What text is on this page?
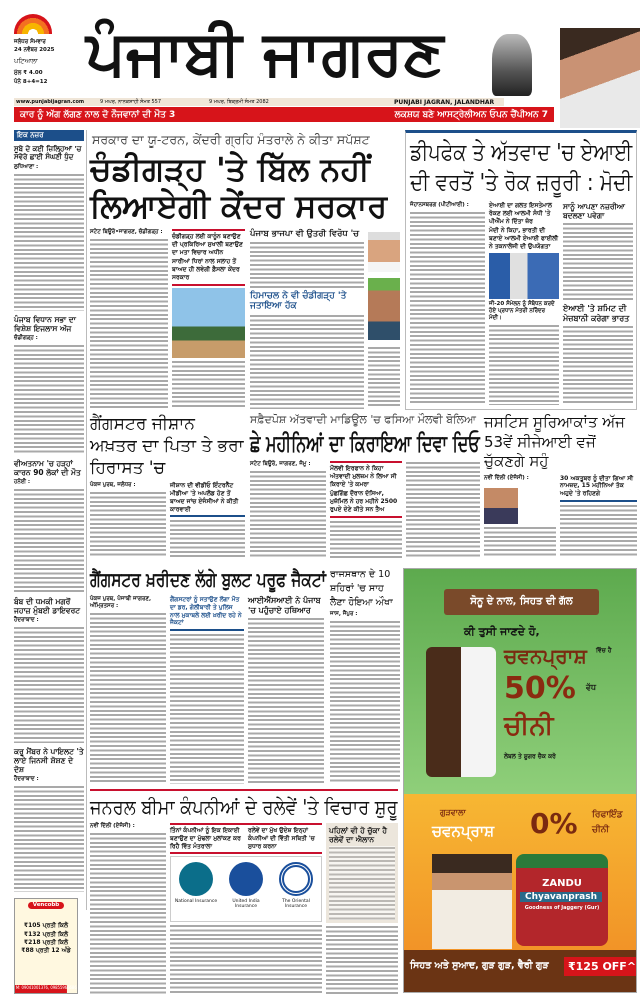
ਜਲੰਧਰ ਸੋਮਵਾਰ
24 ਨਵੰਬਰ 2025
ਪਟਿਆਲਾ
ਮੁੱਲ ₹ 4.00
ਪੰਨੇ 8+4=12 ਪੰਜਾਬੀ ਜਾਗਰਣ
www.punjabijagran.com	9 ਮਘਰ, ਨਾਨਕਸ਼ਾਹੀ ਸੰਮਤ 557	9 ਮਘਰ, ਬਿਕ੍ਰਮੀ ਸੰਮਤ 2082	PUNJABI JAGRAN, JALANDHAR
ਕਾਰ ਨੂੰ ਅੱਗ ਲੱਗਣ ਨਾਲ ਦੋ ਨੌਜਵਾਨਾਂ ਦੀ ਮੌਤ 3	ਲਕਸ਼ਯ ਬਣੇ ਆਸਟ੍ਰੇਲੀਅਨ ਓਪਨ ਚੈਂਪੀਅਨ 7
ਇਕ ਨਜ਼ਰ
ਸੂਬੇ ਦੇ ਕਈ ਜ਼ਿਲ੍ਹਿਆਂ 'ਚ ਸਵੇਰੇ ਛਾਈ ਸੰਘਣੀ ਧੁੰਦ
ਲੁਧਿਆਣਾ :
ਪੰਜਾਬ ਵਿਧਾਨ ਸਭਾ ਦਾ ਵਿਸ਼ੇਸ਼ ਇਜਲਾਸ ਅੱਜ
ਚੰਡੀਗੜ੍ਹ :
ਵੀਅਤਨਾਮ 'ਚ ਹੜ੍ਹਾਂ ਕਾਰਨ 90 ਲੋਕਾਂ ਦੀ ਮੌਤ
ਹਨੋਈ :
ਬੰਬ ਦੀ ਧਮਕੀ ਮਗਰੋਂ ਜਹਾਜ਼ ਮੁੰਬਈ ਡਾਇਵਰਟ
ਹੈਦਰਾਬਾਦ :
ਕਰੂ ਮੈਂਬਰ ਨੇ ਪਾਇਲਟ 'ਤੇ ਲਾਏ ਜਿਨਸੀ ਸ਼ੋਸ਼ਣ ਦੇ ਦੋਸ਼
ਹੈਦਰਾਬਾਦ :
Vencobb
₹105 ਪ੍ਰਤੀ ਕਿਲੋ
₹132 ਪ੍ਰਤੀ ਕਿਲੋ
₹218 ਪ੍ਰਤੀ ਕਿਲੋ
₹88 ਪ੍ਰਤੀ 12 ਅੰਡੇ
M: 09041001376, 09855966686
ਸਰਕਾਰ ਦਾ ਯੂ-ਟਰਨ, ਕੇਂਦਰੀ ਗ੍ਰਹਿ ਮੰਤਰਾਲੇ ਨੇ ਕੀਤਾ ਸਪੱਸ਼ਟ
ਚੰਡੀਗੜ੍ਹ 'ਤੇ ਬਿੱਲ ਨਹੀਂ
ਲਿਆਏਗੀ ਕੇਂਦਰ ਸਰਕਾਰ
ਸਟੇਟ ਬਿਊਰੋ•ਜਾਗਰਣ, ਚੰਡੀਗੜ੍ਹ :
ਚੰਡੀਗੜ੍ਹ ਲਈ ਕਾਨੂੰਨ ਬਣਾਉਣ ਦੀ ਪ੍ਰਕਿਰਿਆ ਸੁਖਾਲੀ ਬਣਾਉਣ ਦਾ ਮਤਾ ਵਿਚਾਰ ਅਧੀਨ
ਸਾਰੀਆਂ ਧਿਰਾਂ ਨਾਲ ਸਲਾਹ ਤੋਂ ਬਾਅਦ ਹੀ ਲਵੇਗੀ ਫ਼ੈਸਲਾ ਕੇਂਦਰ ਸਰਕਾਰ
ਪੰਜਾਬ ਭਾਜਪਾ ਵੀ ਉਤਰੀ ਵਿਰੋਧ 'ਚ
ਹਿਮਾਚਲ ਨੇ ਵੀ ਚੰਡੀਗੜ੍ਹ 'ਤੇ ਜਤਾਇਆ ਹੱਕ
ਡੀਪਫੇਕ ਤੇ ਅੱਤਵਾਦ 'ਚ ਏਆਈ
ਦੀ ਵਰਤੋਂ 'ਤੇ ਰੋਕ ਜ਼ਰੂਰੀ : ਮੋਦੀ
ਜੋਹਾਨਸਬਰਗ (ਪੀਟੀਆਈ) :	ਏਆਈ ਦਾ ਗਲਤ ਇਸਤੇਮਾਲ ਰੋਕਣ ਲਈ ਆਲਮੀ ਸੰਧੀ 'ਤੇ ਪੀਐੱਮ ਨੇ ਦਿੱਤਾ ਜ਼ੋਰ
ਮੋਦੀ ਨੇ ਕਿਹਾ, ਭਾਰਤੀ ਦੀ ਬਣਾਏ ਆਲਮੀ ਏਆਈ ਫਾਈਲੀ ਨੇ ਤਕਨਾਲੋਜੀ ਦੀ ਉਪਯੋਗਤਾ
ਜੀ-20 ਸੰਮੇਲਨ ਨੂੰ ਸੰਬੋਧਨ ਕਰਦੇ ਹੋਏ ਪ੍ਰਧਾਨ ਮੰਤਰੀ ਨਰਿੰਦਰ ਮੋਦੀ।
ਸਾਨੂੰ ਆਪਣਾ ਨਜ਼ਰੀਆ ਬਦਲਣਾ ਪਵੇਗਾ
ਏਆਈ 'ਤੇ ਸ਼ਮਿਟ ਦੀ ਮੇਜ਼ਬਾਨੀ ਕਰੇਗਾ ਭਾਰਤ
ਗੈਂਗਸਟਰ ਜੀਸ਼ਾਨ ਅਖ਼ਤਰ ਦਾ ਪਿਤਾ ਤੇ ਭਰਾ ਹਿਰਾਸਤ 'ਚ
ਪੰਕਜ ਪੁਰਥ, ਜਲੰਧਰ :	ਜੀਸ਼ਾਨ ਦੀ ਵੀਡੀਓ ਇੰਟਰਨੈੱਟ ਮੀਡੀਆ 'ਤੇ ਅਪਲੋਡ ਹੋਣ ਤੋਂ ਬਾਅਦ ਜਾਂਚ ਏਜੰਸੀਆਂ ਨੇ ਕੀਤੀ ਕਾਰਵਾਈ
ਸਫ਼ੈਦਪੋਸ਼ ਅੱਤਵਾਦੀ ਮਾਡਿਊਲ 'ਚ ਫਸਿਆ ਮੌਲਵੀ ਬੋਲਿਆ
ਛੇ ਮਹੀਨਿਆਂ ਦਾ ਕਿਰਾਇਆ ਦਿਵਾ ਦਿਓ
ਸਟੇਟ ਬਿਊਰੋ, ਜਾਗਰਣ, ਜੰਮੂ :
ਮੌਲਵੀ ਇਰਫਾਨ ਨੇ ਕਿਹਾ ਅੱਤਵਾਦੀ ਮੁਲਜ਼ਮ ਨੇ ਲਿਆ ਸੀ ਕਿਰਾਏ 'ਤੇ ਕਮਰਾ
ਪੁੱਛਗਿੱਛ ਦੌਰਾਨ ਦੱਸਿਆ, ਮੁਜ਼ੱਮਿਲ ਨੇ ਹਰ ਮਹੀਨੇ 2500 ਰੁਪਏ ਦੇਣੇ ਕੀਤੇ ਸਨ ਤੈਅ
ਜਸਟਿਸ ਸੂਰਿਆਕਾਂਤ ਅੱਜ 53ਵੇਂ ਸੀਜੇਆਈ ਵਜੋਂ ਚੁੱਕਣਗੇ ਸਹੁੰ
ਨਵੀਂ ਦਿੱਲੀ (ਏਜੰਸੀ) :	30 ਅਕਤੂਬਰ ਨੂੰ ਦੀਤਾ ਗਿਆ ਸੀ ਨਾਮਜ਼ਦ, 15 ਮਹੀਨਿਆਂ ਤੱਕ ਅਹੁਦੇ 'ਤੇ ਰਹਿਣਗੇ
ਗੈਂਗਸਟਰ ਖ਼ਰੀਦਣ ਲੱਗੇ ਬੁਲਟ ਪਰੂਫ ਜੈਕਟਾਂ
ਪੰਕਜ ਪੁਰਥ, ਪੰਜਾਬੀ ਜਾਗਰਣ, ਅੰਮ੍ਰਿਤਸਰ :
ਗੈਂਗਸਟਰਾਂ ਨੂੰ ਸਤਾਉਣ ਲੱਗਾ ਮੌਤ ਦਾ ਡਰ, ਗੋਲੀਬਾਰੀ ਤੇ ਪੁਲਿਸ ਨਾਲ ਮੁਕਾਬਲੇ ਲਈ ਖ਼ਰੀਦ ਰਹੇ ਨੇ ਜੈਕਟਾਂ
ਆਈਐੱਸਆਈ ਨੇ ਪੰਜਾਬ 'ਚ ਪਹੁੰਚਾਏ ਹਥਿਆਰ
ਰਾਜਸਥਾਨ ਦੇ 10 ਸ਼ਹਿਰਾਂ 'ਚ ਸਾਹ ਲੈਣਾ ਹੋਇਆ ਔਖਾ
ਜਾਸ, ਜੈਪੁਰ :
ਜਨਰਲ ਬੀਮਾ ਕੰਪਨੀਆਂ ਦੇ ਰਲੇਵੇਂ 'ਤੇ ਵਿਚਾਰ ਸ਼ੁਰੂ
ਨਵੀਂ ਦਿੱਲੀ (ਏਜੰਸੀ) :
ਤਿੰਨਾਂ ਕੰਪਨੀਆਂ ਨੂੰ ਇਕ ਇਕਾਈ ਬਣਾਉਣ ਦਾ ਮੁੱਢਲਾ ਮੁਲਾਂਕਣ ਕਰ ਰਿਹੈ ਵਿੱਤ ਮੰਤਰਾਲਾ
ਰਲੇਵੇਂ ਦਾ ਮੁੱਖ ਉਦੇਸ਼ ਇਨ੍ਹਾਂ ਕੰਪਨੀਆਂ ਦੀ ਵਿੱਤੀ ਸਥਿਤੀ 'ਚ ਸੁਧਾਰ ਕਰਨਾ
National Insurance	United India Insurance
The Oriental Insurance
ਪਹਿਲਾਂ ਵੀ ਹੋ ਚੁੱਕਾ ਹੈ ਰਲੇਵੇਂ ਦਾ ਐਲਾਨ
ਸੋਨੂ ਦੇ ਨਾਲ, ਸਿਹਤ ਦੀ ਗੱਲ
ਕੀ ਤੁਸੀ ਜਾਣਦੇ ਹੋ,
ਚਵਨਪ੍ਰਾਸ਼	ਵਿੱਚ ਹੈ
50%	ਵੱਧ
ਚੀਨੀ
ਲੇਬਲ ਤੇ ਸ਼ੂਗਰ ਚੈਕ ਕਰੋ
ਗੁੜਵਾਲਾ
ਚਵਨਪ੍ਰਾਸ਼	0%	ਰਿਫਾਇੰਡ
ਚੀਨੀ
ZANDU
Chyavanprash
Goodness of Jaggery (Gur)
ਸਿਹਤ ਅਤੇ ਸੁਆਦ, ਗੁੜ ਗੁੜ, ਵੈਰੀ ਗੁੜ	₹125 OFF^
